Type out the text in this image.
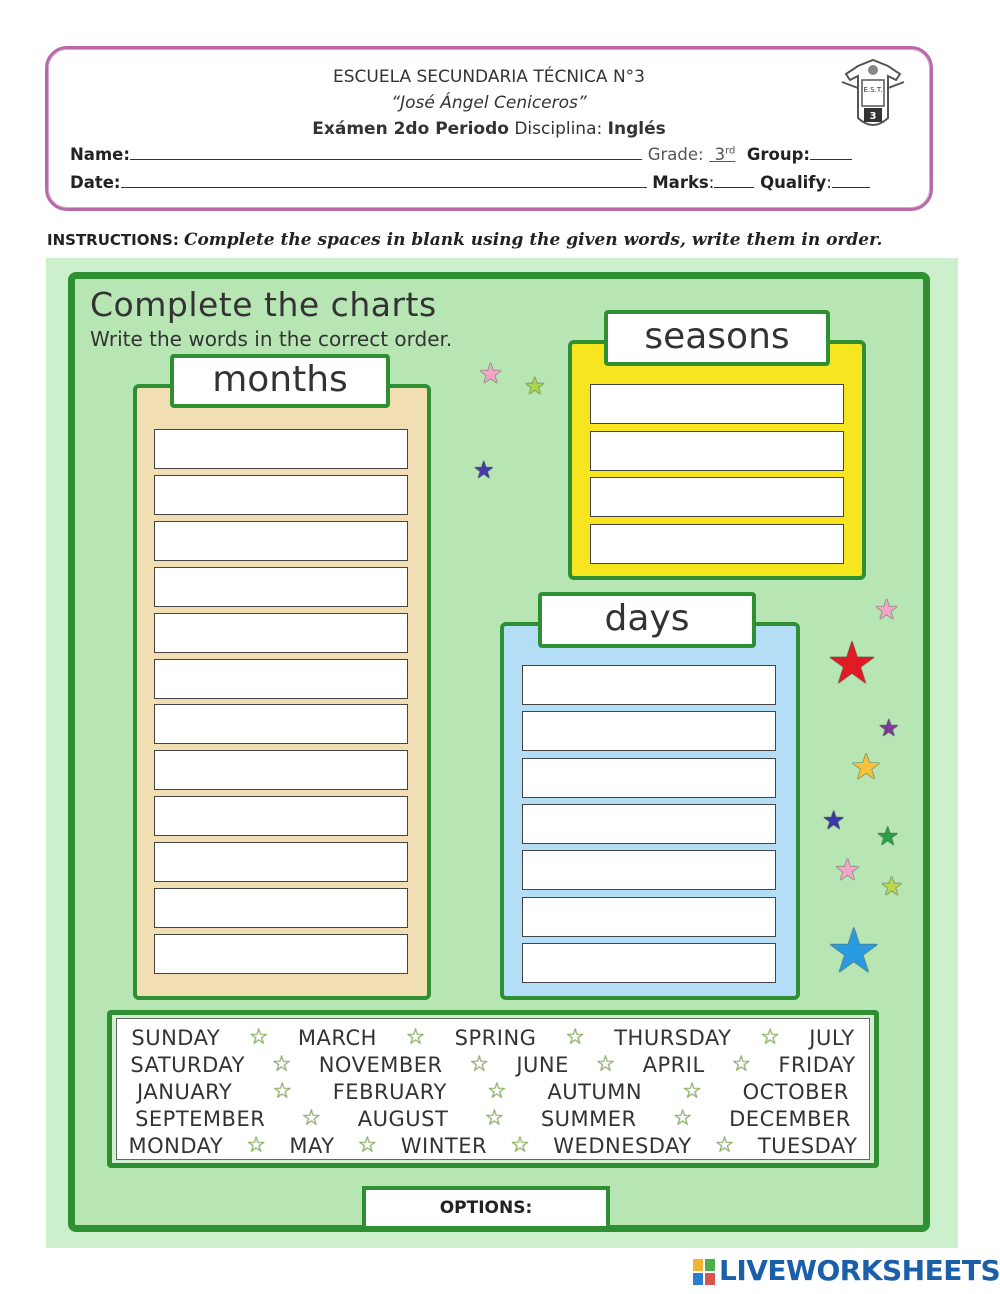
ESCUELA SECUNDARIA TÉCNICA N°3
“José Ángel Ceniceros”
Exámen 2do Periodo Disciplina: Inglés
Name:	Grade: 3rd Group:
Date:	Marks:	Qualify:
E.S.T.
3
INSTRUCTIONS: Complete the spaces in blank using the given words, write them in order.
Complete the charts
Write the words in the correct order.
months
seasons
days
★ ★
★
★
★
★
★
★
★
★ ★
★
SUNDAY ☆ MARCH ☆ SPRING ☆ THURSDAY ☆ JULY
SATURDAY ☆ NOVEMBER ☆ JUNE ☆ APRIL ☆ FRIDAY
JANUARY ☆ FEBRUARY ☆ AUTUMN ☆ OCTOBER
SEPTEMBER ☆ AUGUST ☆ SUMMER ☆ DECEMBER
MONDAY ☆ MAY ☆ WINTER ☆ WEDNESDAY ☆ TUESDAY
OPTIONS:
LIVEWORKSHEETS
